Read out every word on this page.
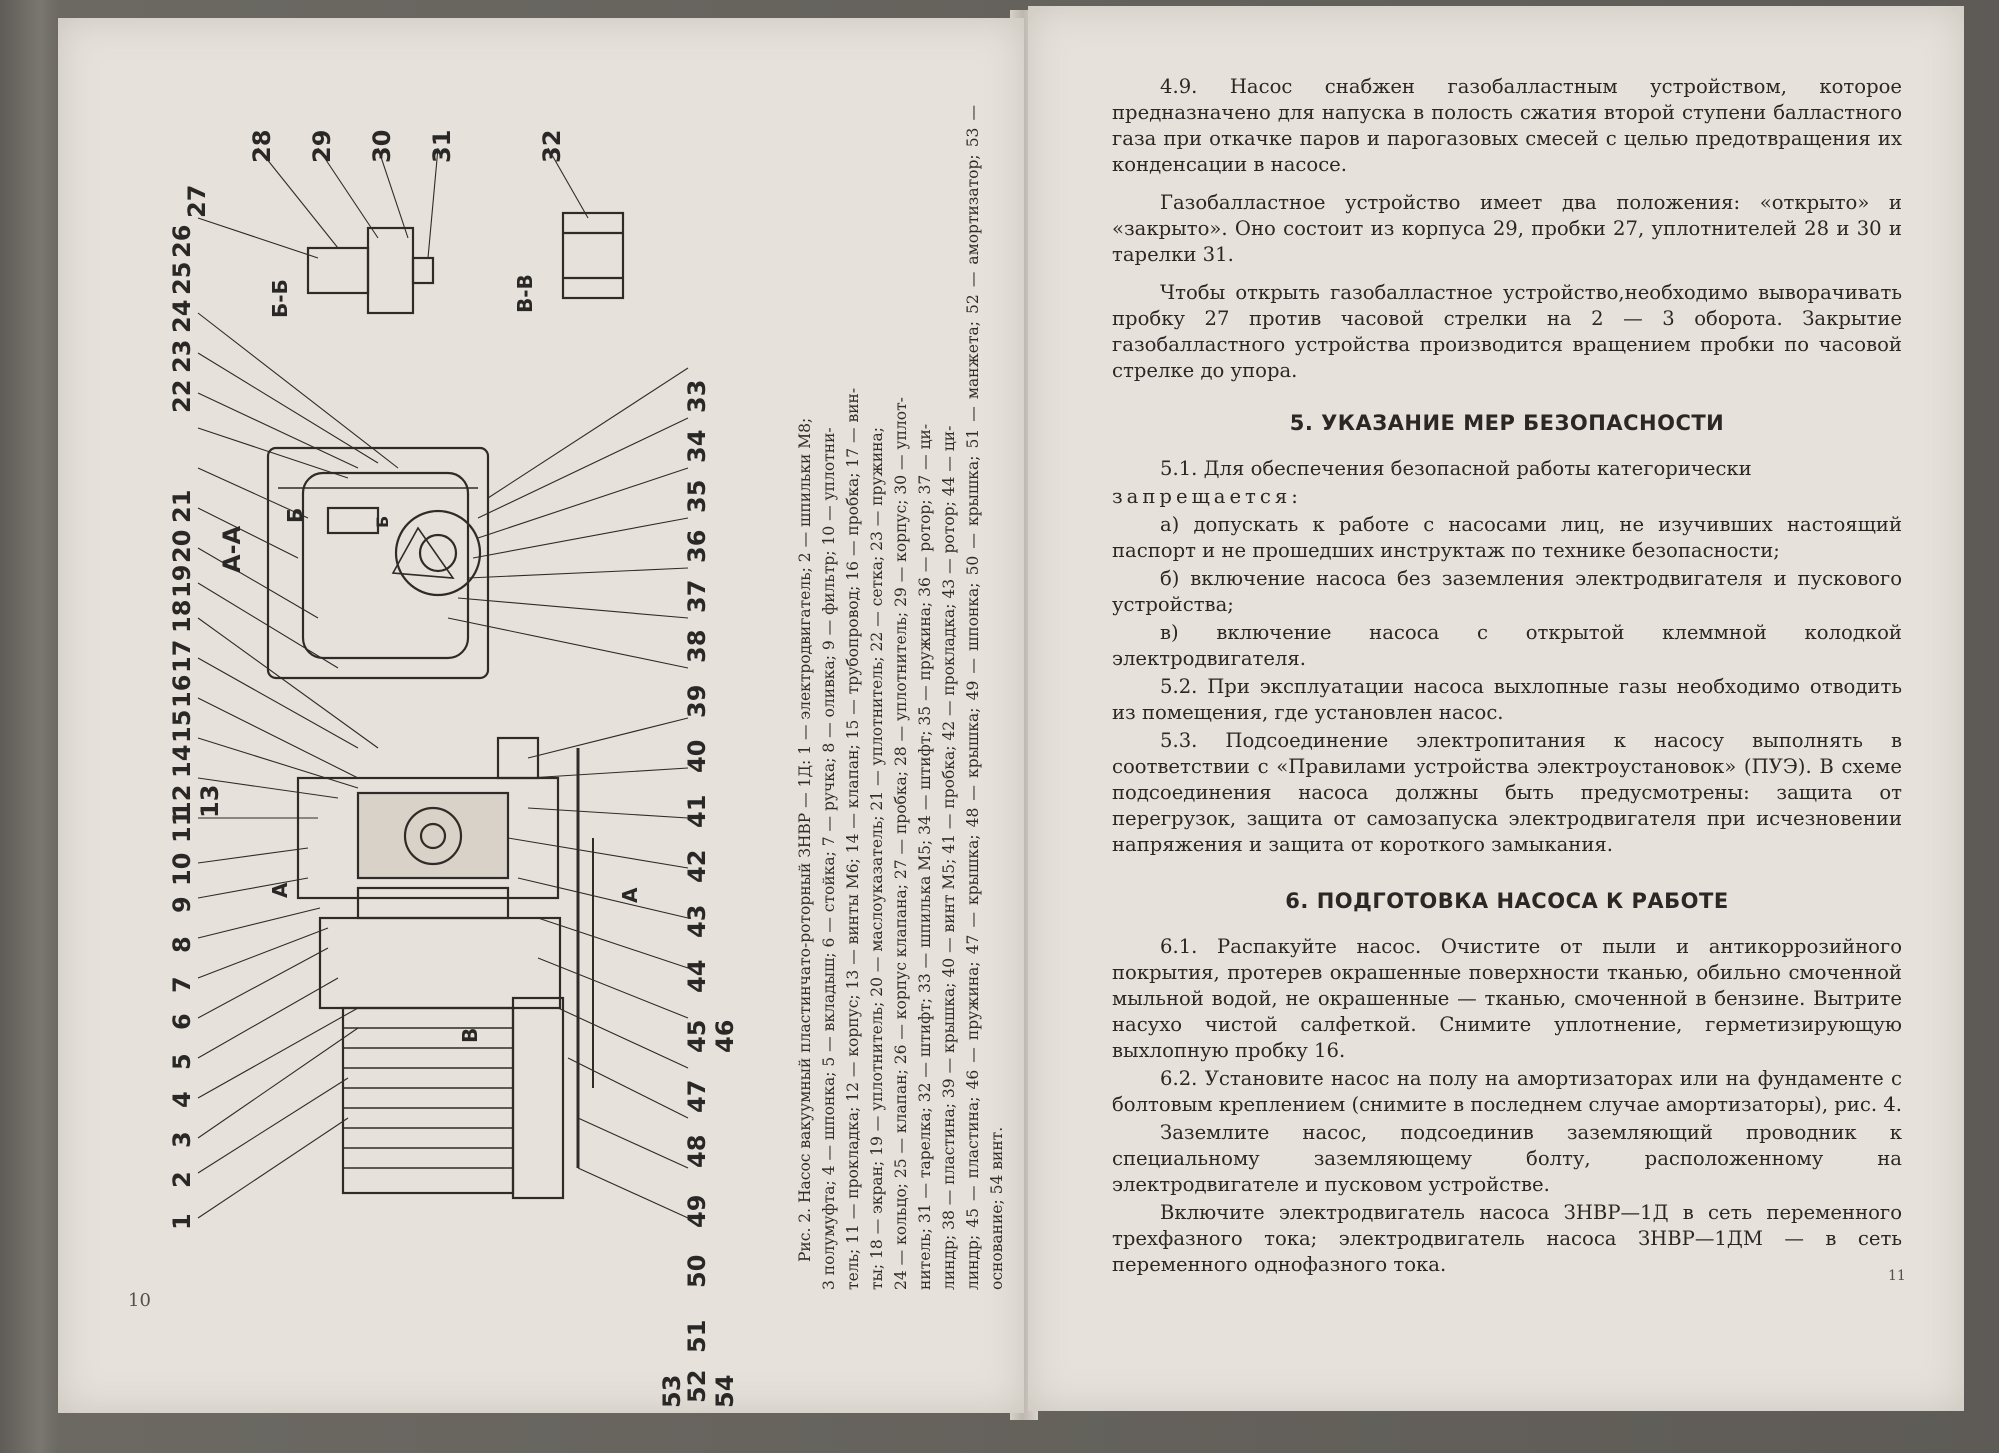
А-А
Б-Б	В-В
А	А
Б
В
Б
27
28 29 30 31	32
1
2
3
4
5
6
7
8
9
10
11
12 13
14
15
16
17
18
19
20
21
22
23
24
25
26
33
34
35
36
37
38
39
40
41
42
43
44
45 46
47
48
49
50
51
52
53 54

Рис. 2. Насос вакуумный пластинчато-роторный ЗНВР — 1Д: 1 — электродвигатель; 2 — шпильки М8; 3 полумуфта; 4 — шпонка; 5 — вкладыш; 6 — стойка; 7 — ручка; 8 — оливка; 9 — фильтр; 10 — уплотни- тель; 11 — прокладка; 12 — корпус; 13 — винты М6; 14 — клапан; 15 — трубопровод; 16 — пробка; 17 — вин- ты; 18 — экран; 19 — уплотнитель; 20 — маслоуказатель; 21 — уплотнитель; 22 — сетка; 23 — пружина; 24 — кольцо; 25 — клапан; 26 — корпус клапана; 27 — пробка; 28 — уплотнитель; 29 — корпус; 30 — уплот- нитель; 31 — тарелка; 32 — штифт; 33 — шпилька М5; 34 — штифт; 35 — пружина; 36 — ротор; 37 — ци- линдр; 38 — пластина; 39 — крышка; 40 — винт М5; 41 — пробка; 42 — прокладка; 43 — ротор; 44 — ци- линдр; 45 — пластина; 46 — пружина; 47 — крышка; 48 — крышка; 49 — шпонка; 50 — крышка; 51 — манжета; 52 — амортизатор; 53 — основание; 54 винт.

10

4.9. Насос снабжен газобалластным устройством, которое предназначено для напуска в полость сжатия второй ступени балластного газа при откачке паров и парогазовых смесей с целью предотвращения их конденсации в насосе.

Газобалластное устройство имеет два положения: «открыто» и «закрыто». Оно состоит из корпуса 29, пробки 27, уплотнителей 28 и 30 и тарелки 31.

Чтобы открыть газобалластное устройство,необходимо выворачивать пробку 27 против часовой стрелки на 2 — 3 оборота. Закрытие газобалластного устройства производится вращением пробки по часовой стрелке до упора.

5. УКАЗАНИЕ МЕР БЕЗОПАСНОСТИ

5.1. Для обеспечения безопасной работы категорически

запрещается:

а) допускать к работе с насосами лиц, не изучивших настоящий паспорт и не прошедших инструктаж по технике безопасности;

б) включение насоса без заземления электродвигателя и пускового устройства;

в) включение насоса с открытой клеммной колодкой электродвигателя.

5.2. При эксплуатации насоса выхлопные газы необходимо отводить из помещения, где установлен насос.

5.3. Подсоединение электропитания к насосу выполнять в соответствии с «Правилами устройства электроустановок» (ПУЭ). В схеме подсоединения насоса должны быть предусмотрены: защита от перегрузок, защита от самозапуска электродвигателя при исчезновении напряжения и защита от короткого замыкания.

6. ПОДГОТОВКА НАСОСА К РАБОТЕ

6.1. Распакуйте насос. Очистите от пыли и антикоррозийного покрытия, протерев окрашенные поверхности тканью, обильно смоченной мыльной водой, не окрашенные — тканью, смоченной в бензине. Вытрите насухо чистой салфеткой. Снимите уплотнение, герметизирующую выхлопную пробку 16.

6.2. Установите насос на полу на амортизаторах или на фундаменте с болтовым креплением (снимите в последнем случае амортизаторы), рис. 4.

Заземлите насос, подсоединив заземляющий проводник к специальному заземляющему болту, расположенному на электродвигателе и пусковом устройстве.

Включите электродвигатель насоса ЗНВР—1Д в сеть переменного трехфазного тока; электродвигатель насоса ЗНВР—1ДМ — в сеть переменного однофазного тока.	11
